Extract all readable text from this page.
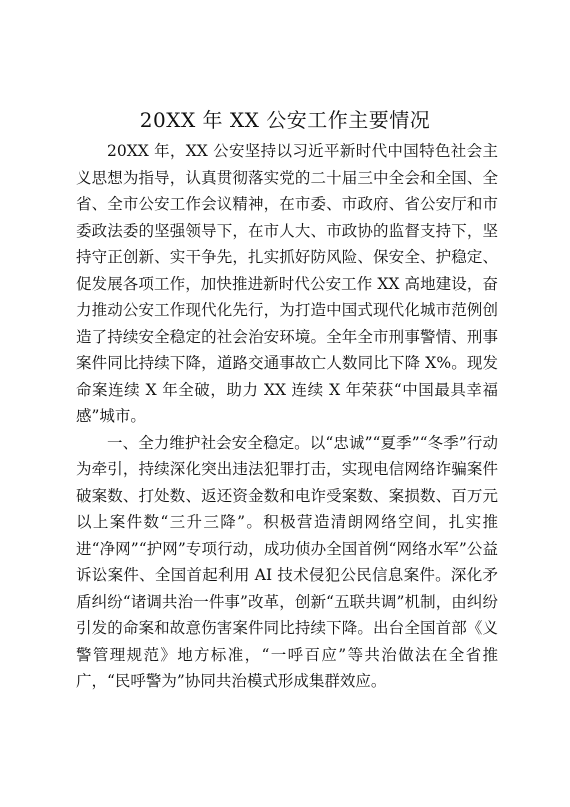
20XX 年 XX 公安工作主要情况

20XX 年，XX 公安坚持以习近平新时代中国特色社会主义思想为指导，认真贯彻落实党的二十届三中全会和全国、全省、全市公安工作会议精神，在市委、市政府、省公安厅和市委政法委的坚强领导下，在市人大、市政协的监督支持下，坚持守正创新、实干争先，扎实抓好防风险、保安全、护稳定、促发展各项工作，加快推进新时代公安工作 XX 高地建设，奋力推动公安工作现代化先行，为打造中国式现代化城市范例创造了持续安全稳定的社会治安环境。全年全市刑事警情、刑事案件同比持续下降，道路交通事故亡人数同比下降 X%。现发命案连续 X 年全破，助力 XX 连续 X 年荣获“中国最具幸福感”城市。

一、全力维护社会安全稳定。以“忠诚”“夏季”“冬季”行动为牵引，持续深化突出违法犯罪打击，实现电信网络诈骗案件破案数、打处数、返还资金数和电诈受案数、案损数、百万元以上案件数“三升三降”。积极营造清朗网络空间，扎实推进“净网”“护网”专项行动，成功侦办全国首例“网络水军”公益诉讼案件、全国首起利用 AI 技术侵犯公民信息案件。深化矛盾纠纷“诸调共治一件事”改革，创新“五联共调”机制，由纠纷引发的命案和故意伤害案件同比持续下降。出台全国首部《义警管理规范》地方标准，“一呼百应”等共治做法在全省推广，“民呼警为”协同共治模式形成集群效应。
